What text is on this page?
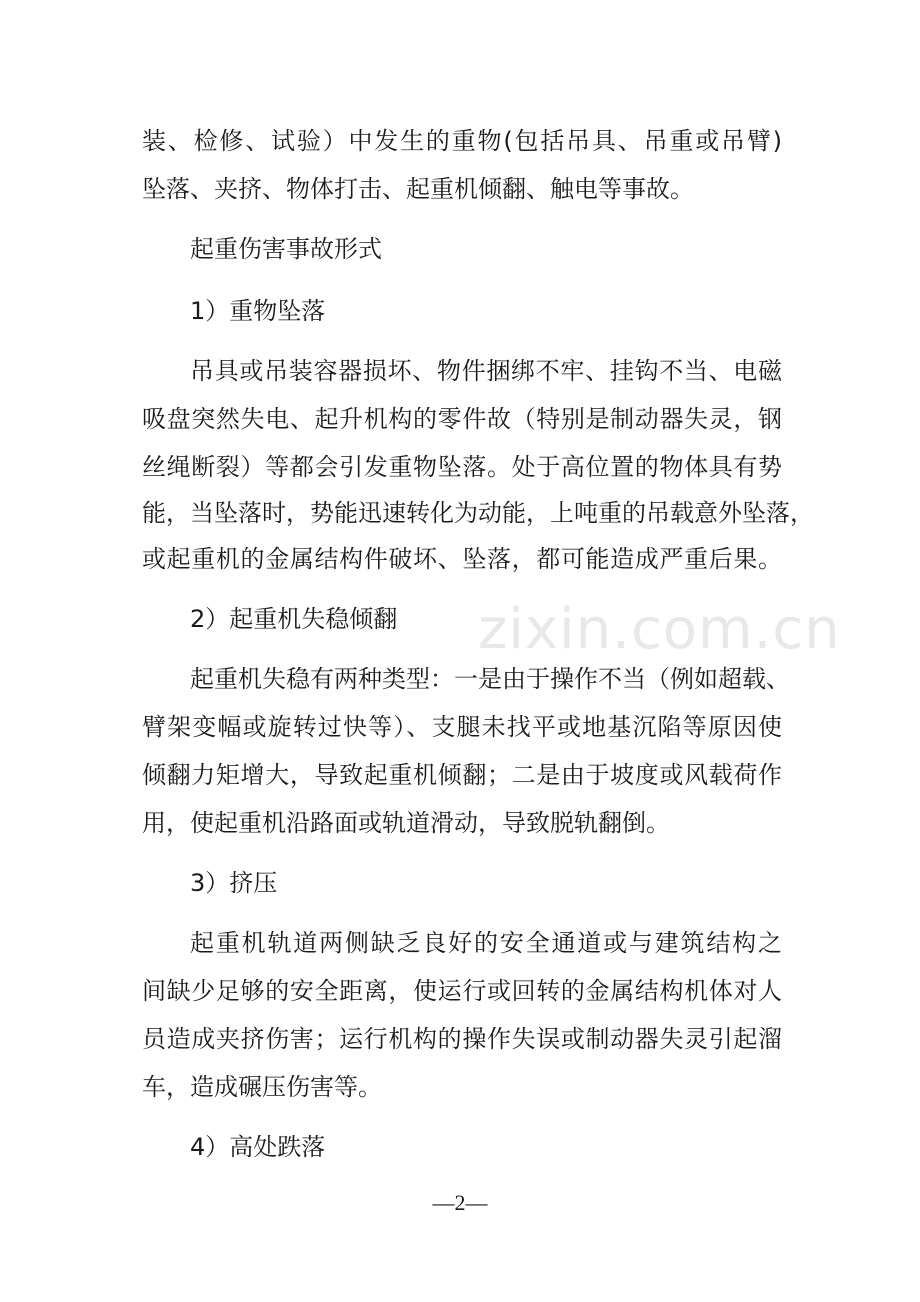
装、检修、试验）中发生的重物(包括吊具、吊重或吊臂)
坠落、夹挤、物体打击、起重机倾翻、触电等事故。
起重伤害事故形式
1）重物坠落
吊具或吊装容器损坏、物件捆绑不牢、挂钩不当、电磁
吸盘突然失电、起升机构的零件故（特别是制动器失灵，钢
丝绳断裂）等都会引发重物坠落。处于高位置的物体具有势
能，当坠落时，势能迅速转化为动能，上吨重的吊载意外坠落，
或起重机的金属结构件破坏、坠落，都可能造成严重后果。
2）起重机失稳倾翻
起重机失稳有两种类型：一是由于操作不当（例如超载、
臂架变幅或旋转过快等）、支腿未找平或地基沉陷等原因使
倾翻力矩增大，导致起重机倾翻；二是由于坡度或风载荷作
用，使起重机沿路面或轨道滑动，导致脱轨翻倒。
3）挤压
起重机轨道两侧缺乏良好的安全通道或与建筑结构之
间缺少足够的安全距离，使运行或回转的金属结构机体对人
员造成夹挤伤害；运行机构的操作失误或制动器失灵引起溜
车，造成碾压伤害等。
4）高处跌落
zixin.com.cn
—2—
